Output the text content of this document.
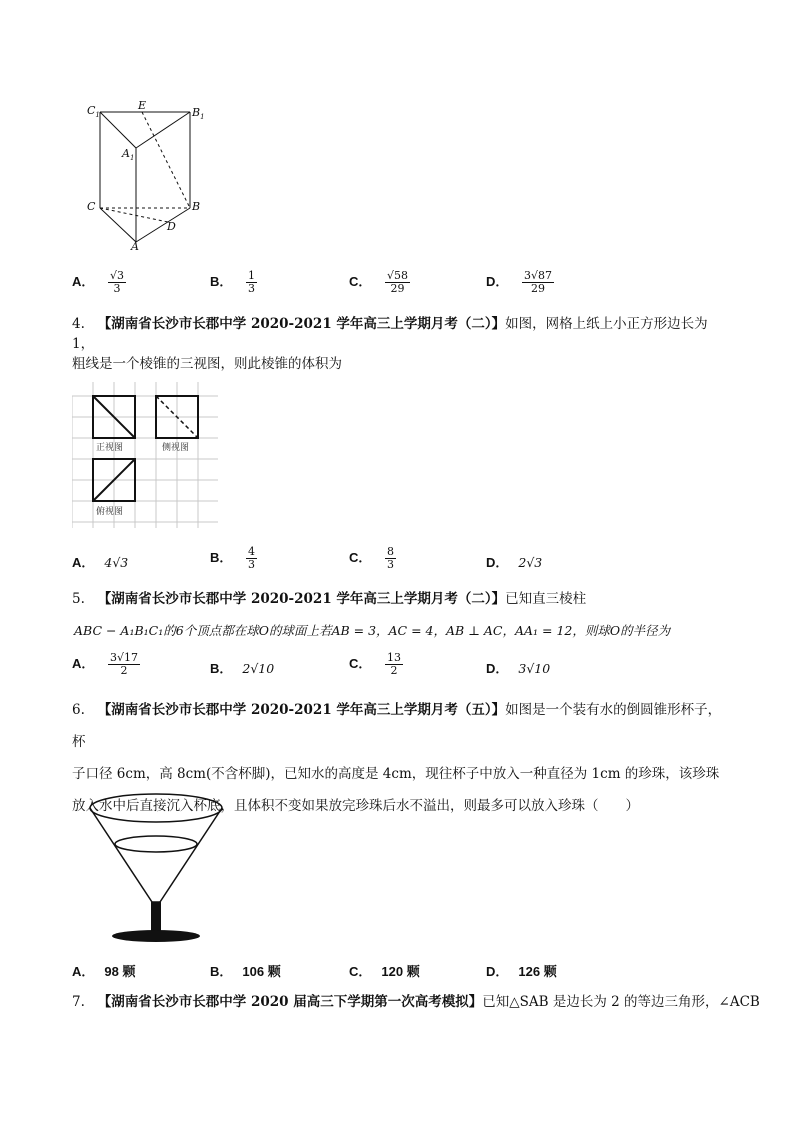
$C_1$
E
$B_1$
$A_1$
C	B
D
A
A． $\frac{√3}{3}$	B． $\frac{1}{3}$	C． $\frac{√58}{29}$	D． $\frac{3√87}{29}$
4. 【湖南省长沙市长郡中学 2020-2021 学年高三上学期月考（二）】如图，网格上纸上小正方形边长为 1，
粗线是一个棱锥的三视图，则此棱锥的体积为
正视图	侧视图
俯视图
A． 4√3	B． $\frac{4}{3}$	C． $\frac{8}{3}$	D． 2√3
5. 【湖南省长沙市长郡中学 2020-2021 学年高三上学期月考（二）】已知直三棱柱
ABC − A₁B₁C₁的6个顶点都在球O的球面上若AB = 3，AC = 4，AB ⊥ AC，AA₁ = 12，则球O的半径为
A． $\frac{3√17}{2}$	B． 2√10	C． $\frac{13}{2}$	D． 3√10
6. 【湖南省长沙市长郡中学 2020-2021 学年高三上学期月考（五）】如图是一个装有水的倒圆锥形杯子，杯
子口径 6cm，高 8cm(不含杯脚)，已知水的高度是 4cm，现往杯子中放入一种直径为 1cm 的珍珠，该珍珠
放入水中后直接沉入杯底，且体积不变如果放完珍珠后水不溢出，则最多可以放入珍珠（　　）
A． 98 颗	B． 106 颗	C． 120 颗	D． 126 颗
7. 【湖南省长沙市长郡中学 2020 届高三下学期第一次高考模拟】已知△SAB 是边长为 2 的等边三角形，∠ACB
